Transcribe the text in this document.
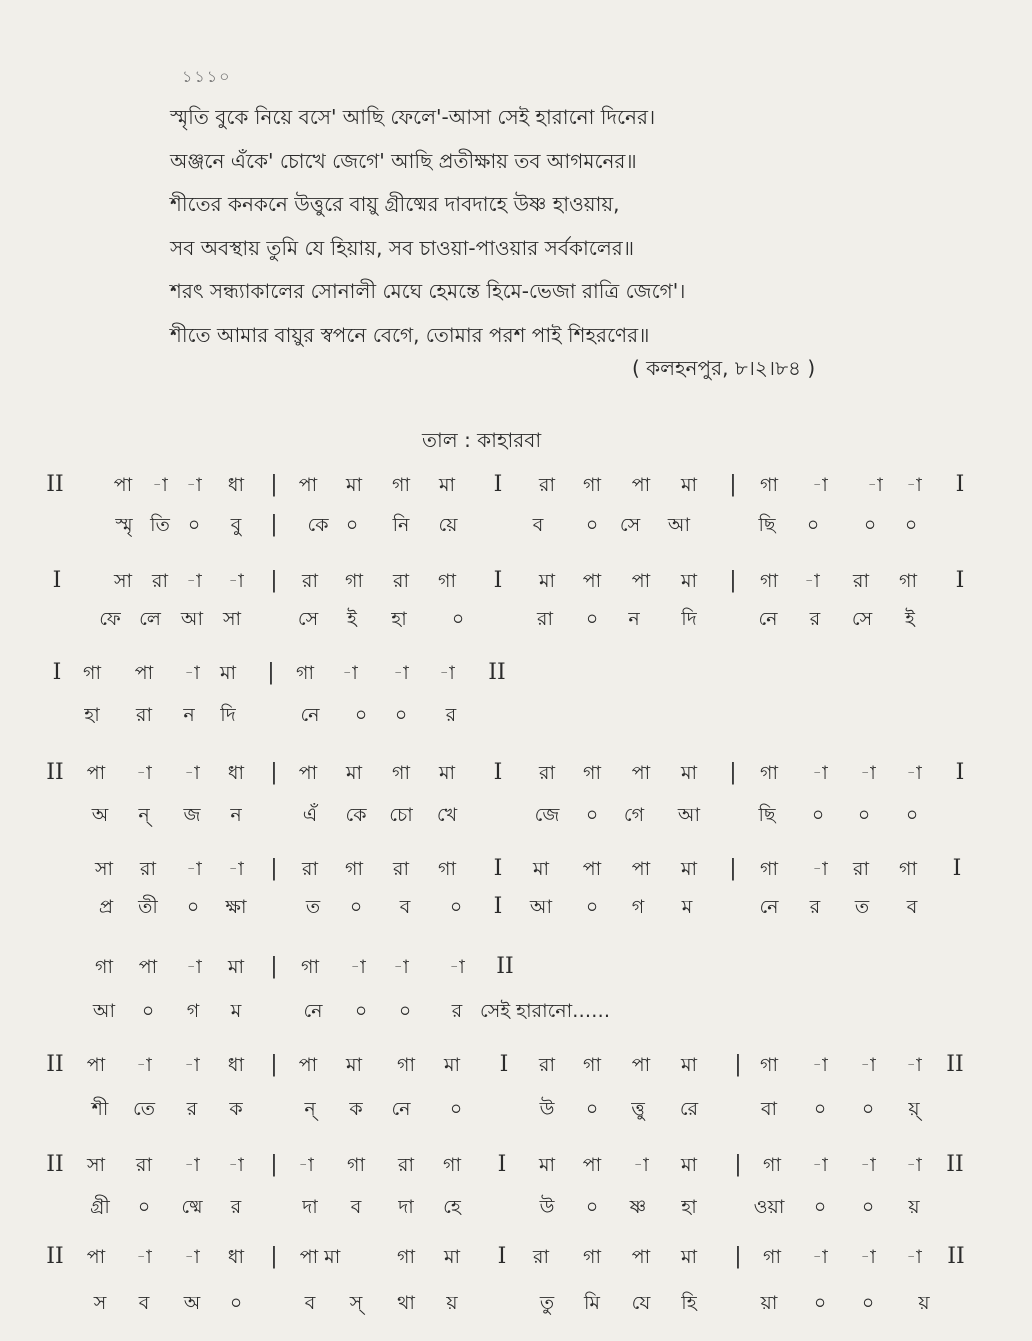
১১১০
স্মৃতি বুকে নিয়ে বসে' আছি ফেলে'-আসা সেই হারানো দিনের।
অঞ্জনে এঁকে' চোখে জেগে' আছি প্রতীক্ষায় তব আগমনের॥
শীতের কনকনে উত্তুরে বায়ু গ্রীষ্মের দাবদাহে উষ্ণ হাওয়ায়,
সব অবস্থায় তুমি যে হিয়ায়, সব চাওয়া-পাওয়ার সর্বকালের॥
শরৎ সন্ধ্যাকালের সোনালী মেঘে হেমন্তে হিমে-ভেজা রাত্রি জেগে'।
শীতে আমার বায়ুর স্বপনে বেগে, তোমার পরশ পাই শিহরণের॥
( কলহনপুর, ৮।২।৮৪ )
তাল : কাহারবা
II	পা	-া -া	ধা	|	পা	মা	গা	মা	I	রা	গা	পা	মা	|	গা	-া	-া	-া	I
স্মৃ তি ০	বু	|	কে ০	নি	য়ে	ব	০	সে	আ	ছি	০	০	০
I	সা	রা -া	-া	|	রা	গা	রা	গা	I	মা	পা	পা	মা	|	গা	-া	রা	গা	I
ফে লে	আ	সা	সে	ই	হা	০	রা	০	ন	দি	নে	র	সে	ই
I	গা	পা	-া	মা	|	গা	-া	-া	-া	II
হা	রা	ন	দি	নে	০	০	র
II	পা	-া	-া	ধা	|	পা	মা	গা	মা	I	রা	গা	পা	মা	|	গা	-া	-া	-া	I
অ	ন্	জ	ন	এঁ	কে	চো	খে	জে	০	গে	আ	ছি	০	০	০
সা	রা	-া	-া	|	রা	গা	রা	গা	I	মা	পা	পা	মা	|	গা	-া	রা	গা	I
প্র	তী	০	ক্ষা	ত	০	ব	০	I	আ	০	গ	ম	নে	র	ত	ব
গা	পা	-া	মা	|	গা	-া	-া	-া	II
আ	০	গ	ম	নে	০	০	র সেই হারানো……
II	পা	-া	-া	ধা	|	পা	মা	গা	মা	I	রা	গা	পা	মা	| গা	-া	-া	-া	II
শী	তে	র	ক	ন্	ক	নে	০	উ	০	ত্তু	রে	বা	০	০	য়্
II	সা	রা	-া	-া	|	-া	গা	রা	গা	I	মা	পা	-া	মা	|	গা	-া	-া	-া	II
গ্রী	০	ষ্মে	র	দা	ব	দা	হে	উ	০	ষ্ণ	হা	ওয়া	০	০	য়
II	পা	-া	-া	ধা	|	পা মা	গা	মা	I	রা	গা	পা	মা	|	গা	-া	-া	-া	II
স	ব	অ	০	ব	স্	থা	য়	তু	মি	যে	হি	য়া	০	০	য়
